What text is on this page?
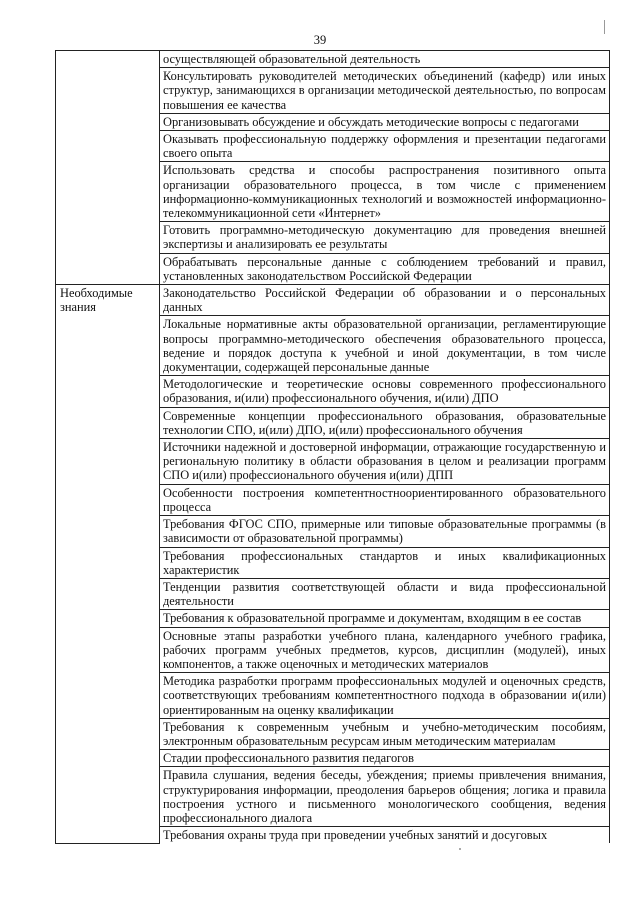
39
	осуществляющей образовательной деятельность
	Консультировать руководителей методических объединений (кафедр) или иных структур, занимающихся в организации методической деятельностью, по вопросам повышения ее качества
	Организовывать обсуждение и обсуждать методические вопросы с педагогами
	Оказывать профессиональную поддержку оформления и презентации педагогами своего опыта
	Использовать средства и способы распространения позитивного опыта организации образовательного процесса, в том числе с применением информационно-коммуникационных технологий и возможностей информационно-телекоммуникационной сети «Интернет»
	Готовить программно-методическую документацию для проведения внешней экспертизы и анализировать ее результаты
	Обрабатывать персональные данные с соблюдением требований и правил, установленных законодательством Российской Федерации
Необходимые знания	Законодательство Российской Федерации об образовании и о персональных данных
	Локальные нормативные акты образовательной организации, регламентирующие вопросы программно-методического обеспечения образовательного процесса, ведение и порядок доступа к учебной и иной документации, в том числе документации, содержащей персональные данные
	Методологические и теоретические основы современного профессионального образования, и(или) профессионального обучения, и(или) ДПО
	Современные концепции профессионального образования, образовательные технологии СПО, и(или) ДПО, и(или) профессионального обучения
	Источники надежной и достоверной информации, отражающие государственную и региональную политику в области образования в целом и реализации программ СПО и(или) профессионального обучения и(или) ДПП
	Особенности построения компетентностноориентированного образовательного процесса
	Требования ФГОС СПО, примерные или типовые образовательные программы (в зависимости от образовательной программы)
	Требования профессиональных стандартов и иных квалификационных характеристик
	Тенденции развития соответствующей области и вида профессиональной деятельности
	Требования к образовательной программе и документам, входящим в ее состав
	Основные этапы разработки учебного плана, календарного учебного графика, рабочих программ учебных предметов, курсов, дисциплин (модулей), иных компонентов, а также оценочных и методических материалов
	Методика разработки программ профессиональных модулей и оценочных средств, соответствующих требованиям компетентностного подхода в образовании и(или) ориентированным на оценку квалификации
	Требования к современным учебным и учебно-методическим пособиям, электронным образовательным ресурсам иным методическим материалам
	Стадии профессионального развития педагогов
	Правила слушания, ведения беседы, убеждения; приемы привлечения внимания, структурирования информации, преодоления барьеров общения; логика и правила построения устного и письменного монологического сообщения, ведения профессионального диалога
	Требования охраны труда при проведении учебных занятий и досуговых
